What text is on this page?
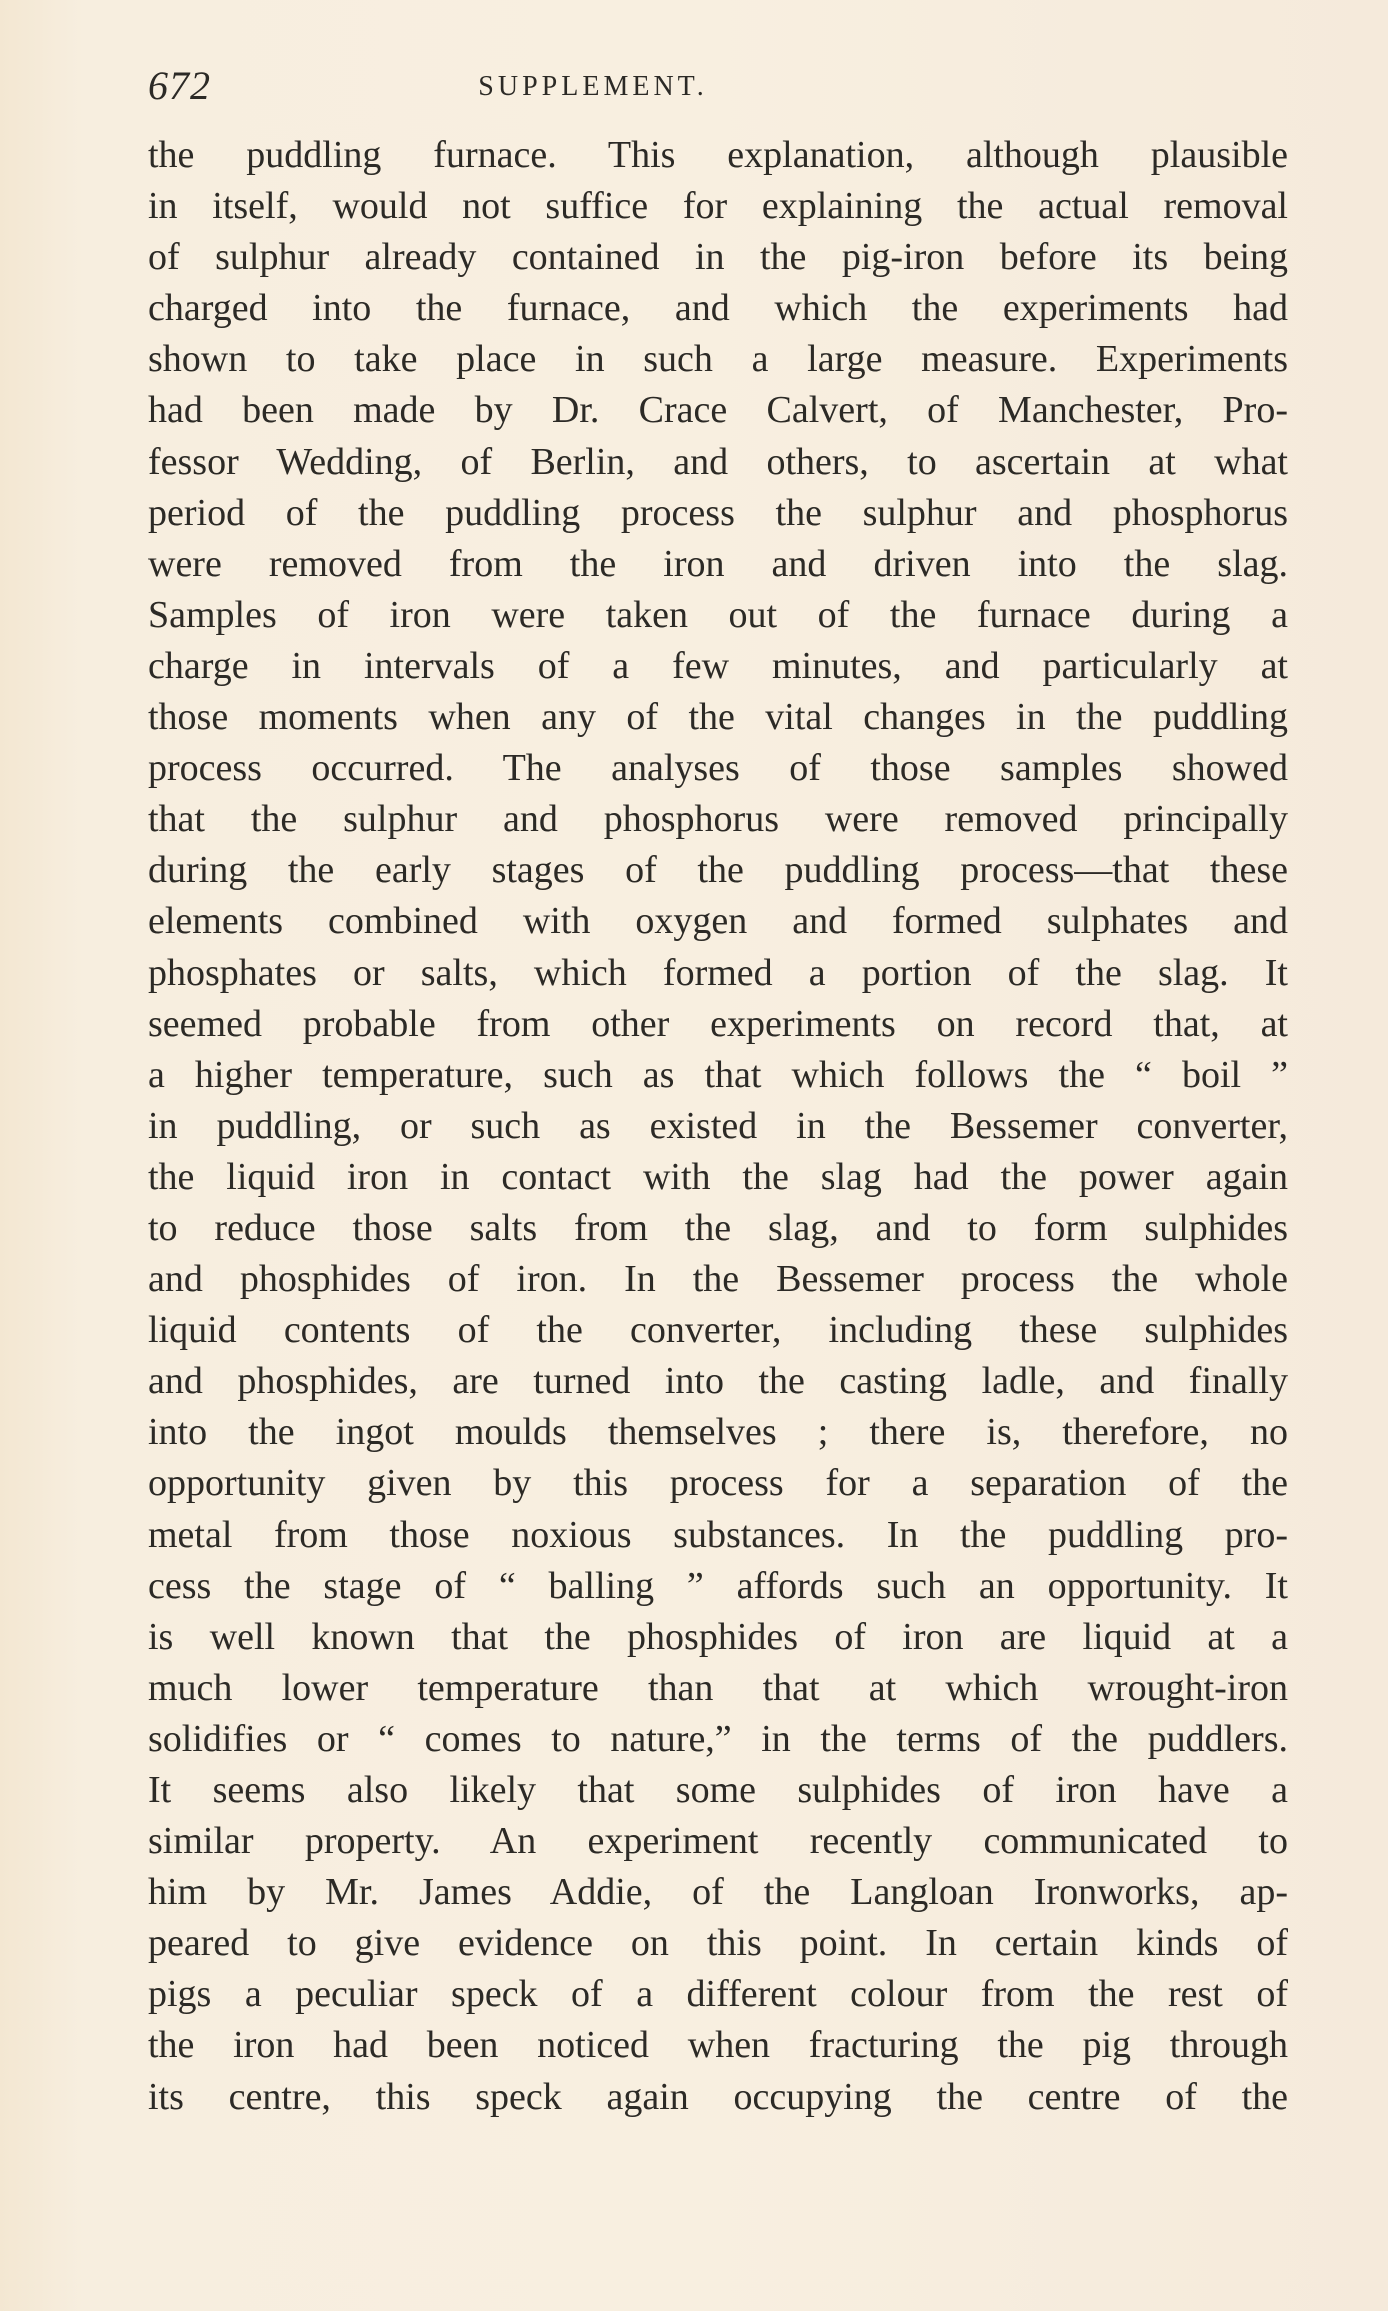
672	SUPPLEMENT.
the puddling furnace. This explanation, although plausible
in itself, would not suffice for explaining the actual removal
of sulphur already contained in the pig-iron before its being
charged into the furnace, and which the experiments had
shown to take place in such a large measure. Experiments
had been made by Dr. Crace Calvert, of Manchester, Pro-
fessor Wedding, of Berlin, and others, to ascertain at what
period of the puddling process the sulphur and phosphorus
were removed from the iron and driven into the slag.
Samples of iron were taken out of the furnace during a
charge in intervals of a few minutes, and particularly at
those moments when any of the vital changes in the puddling
process occurred. The analyses of those samples showed
that the sulphur and phosphorus were removed principally
during the early stages of the puddling process—that these
elements combined with oxygen and formed sulphates and
phosphates or salts, which formed a portion of the slag. It
seemed probable from other experiments on record that, at
a higher temperature, such as that which follows the “ boil ”
in puddling, or such as existed in the Bessemer converter,
the liquid iron in contact with the slag had the power again
to reduce those salts from the slag, and to form sulphides
and phosphides of iron. In the Bessemer process the whole
liquid contents of the converter, including these sulphides
and phosphides, are turned into the casting ladle, and finally
into the ingot moulds themselves ; there is, therefore, no
opportunity given by this process for a separation of the
metal from those noxious substances. In the puddling pro-
cess the stage of “ balling ” affords such an opportunity. It
is well known that the phosphides of iron are liquid at a
much lower temperature than that at which wrought-iron
solidifies or “ comes to nature,” in the terms of the puddlers.
It seems also likely that some sulphides of iron have a
similar property. An experiment recently communicated to
him by Mr. James Addie, of the Langloan Ironworks, ap-
peared to give evidence on this point. In certain kinds of
pigs a peculiar speck of a different colour from the rest of
the iron had been noticed when fracturing the pig through
its centre, this speck again occupying the centre of the
